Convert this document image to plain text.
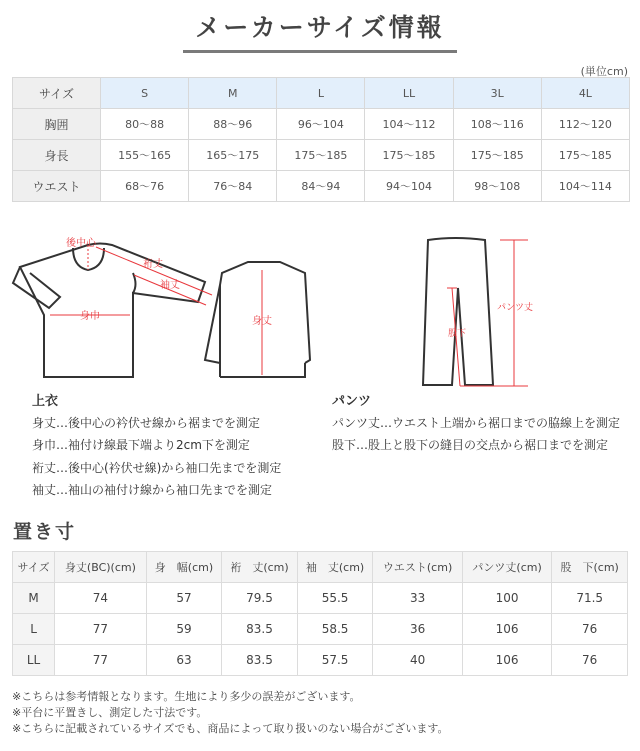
メーカーサイズ情報
(単位cm)
サイズ	S	M	L	LL	3L	4L
胸囲	80〜88	88〜96	96〜104	104〜112	108〜116	112〜120
身長	155〜165	165〜175	175〜185	175〜185	175〜185	175〜185
ウエスト	68〜76	76〜84	84〜94	94〜104	98〜108	104〜114
後中心
裄丈
袖丈
身巾	身丈
パンツ丈
股下
上衣
身丈…後中心の衿伏せ線から裾までを測定
身巾…袖付け線最下端より2cm下を測定
裄丈…後中心(衿伏せ線)から袖口先までを測定
袖丈…袖山の袖付け線から袖口先までを測定
パンツ
パンツ丈…ウエスト上端から裾口までの脇線上を測定
股下…股上と股下の縫目の交点から裾口までを測定
置き寸
サイズ	身丈(BC)(cm)	身　幅(cm)	裄　丈(cm)	袖　丈(cm)	ウエスト(cm)	パンツ丈(cm)	股　下(cm)
M	74	57	79.5	55.5	33	100	71.5
L	77	59	83.5	58.5	36	106	76
LL	77	63	83.5	57.5	40	106	76
※こちらは参考情報となります。生地により多少の誤差がございます。
※平台に平置きし、測定した寸法です。
※こちらに記載されているサイズでも、商品によって取り扱いのない場合がございます。
